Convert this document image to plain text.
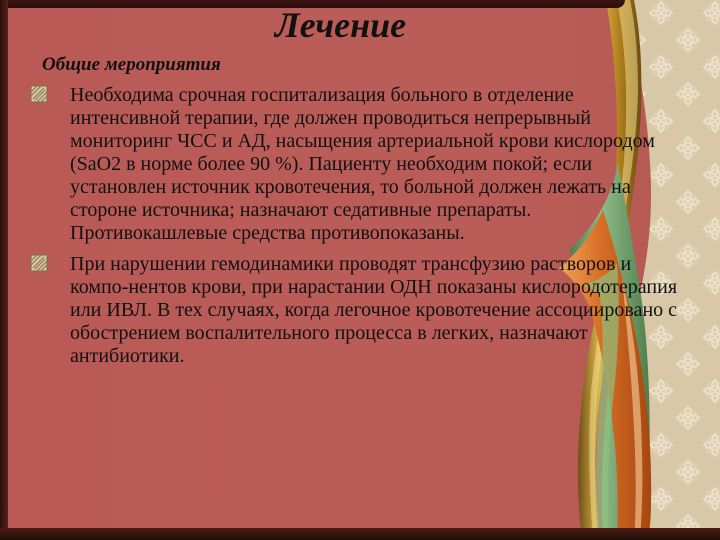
Лечение
Общие мероприятия
Необходима срочная госпитализация больного в отделение интенсивной терапии, где должен проводиться непрерывный мониторинг ЧСС и АД, насыщения артериальной крови кислородом (SaO2 в норме более 90 %). Пациенту необходим покой; если установлен источник кровотечения, то больной должен лежать на стороне источника; назначают седативные препараты. Противокашлевые средства противопоказаны.
При нарушении гемодинамики проводят трансфузию растворов и компо-нентов крови, при нарастании ОДН показаны кислородотерапия или ИВЛ. В тех случаях, когда легочное кровотечение ассоциировано с обострением воспалительного процесса в легких, назначают антибиотики.
